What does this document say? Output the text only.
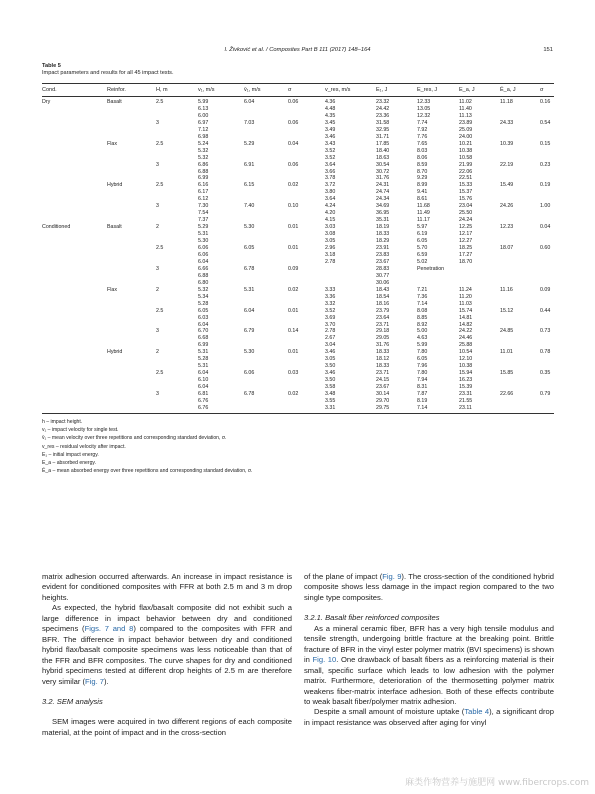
I. Živković et al. / Composites Part B 111 (2017) 148–164	151
Table 5
Impact parameters and results for all 45 impact tests.
Cond.	Reinfor.	H, m	v₁, m/s	v̄₁, m/s	σ	v_res, m/s	E₁, J	E_res, J	E_a, J	Ē_a, J	σ
Dry	Basalt	2.5	5.99	6.04	0.06	4.36	23.32	12.33	11.02	11.18	0.16
			6.13			4.48	24.42	13.05	11.40		
			6.00			4.35	23.36	12.32	11.13		
		3	6.97	7.03	0.06	3.45	31.58	7.74	23.89	24.33	0.54
			7.12			3.49	32.95	7.92	25.09		
			6.98			3.46	31.71	7.76	24.00		
	Flax	2.5	5.24	5.29	0.04	3.43	17.85	7.65	10.21	10.39	0.15
			5.32			3.52	18.40	8.03	10.38		
			5.32			3.52	18.63	8.06	10.58		
		3	6.86	6.91	0.06	3.64	30.54	8.59	21.99	22.19	0.23
			6.88			3.66	30.72	8.70	22.06		
			6.99			3.78	31.76	9.29	22.51		
	Hybrid	2.5	6.16	6.15	0.02	3.72	24.31	8.99	15.33	15.49	0.19
			6.17			3.80	24.74	9.41	15.37		
			6.12			3.64	24.34	8.61	15.76		
		3	7.30	7.40	0.10	4.24	34.69	11.68	23.04	24.26	1.00
			7.54			4.20	36.95	11.49	25.50		
			7.37			4.15	35.31	11.17	24.24		
Conditioned	Basalt	2	5.29	5.30	0.01	3.03	18.19	5.97	12.25	12.23	0.04
			5.31			3.08	18.33	6.19	12.17		
			5.30			3.05	18.29	6.05	12.27		
		2.5	6.06	6.05	0.01	2.96	23.91	5.70	18.25	18.07	0.60
			6.06			3.18	23.83	6.59	17.27		
			6.04			2.78	23.67	5.02	18.70		
		3	6.66	6.78	0.09		28.83	Penetration			
			6.88				30.77				
			6.80				30.06				
	Flax	2	5.32	5.31	0.02	3.33	18.43	7.21	11.24	11.16	0.09
			5.34			3.36	18.54	7.36	11.20		
			5.28			3.32	18.16	7.14	11.03		
		2.5	6.05	6.04	0.01	3.52	23.79	8.08	15.74	15.12	0.44
			6.03			3.69	23.64	8.85	14.81		
			6.04			3.70	23.71	8.92	14.82		
		3	6.70	6.79	0.14	2.78	29.18	5.00	24.22	24.85	0.73
			6.68			2.67	29.05	4.63	24.46		
			6.99			3.04	31.76	5.99	25.88		
	Hybrid	2	5.31	5.30	0.01	3.46	18.33	7.80	10.54	11.01	0.78
			5.28			3.05	18.12	6.05	12.10		
			5.31			3.50	18.33	7.96	10.38		
		2.5	6.04	6.06	0.03	3.46	23.71	7.80	15.94	15.85	0.35
			6.10			3.50	24.15	7.94	16.23		
			6.04			3.58	23.67	8.31	15.39		
		3	6.81	6.78	0.02	3.48	30.14	7.87	23.31	22.66	0.79
			6.76			3.55	29.70	8.19	21.55		
			6.76			3.31	29.75	7.14	23.11		
h – impact height.
v₁ – impact velocity for single test.
v̄₁ – mean velocity over three repetitions and corresponding standard deviation, σ.
v_res – residual velocity after impact.
E₁ – initial impact energy.
E_a – absorbed energy.
Ē_a – mean absorbed energy over three repetitions and corresponding standard deviation, σ.

matrix adhesion occurred afterwards. An increase in impact resistance is evident for conditioned composites with FFR at both 2.5 m and 3 m drop heights.

As expected, the hybrid flax/basalt composite did not exhibit such a large difference in impact behavior between dry and conditioned specimens (Figs. 7 and 8) compared to the composites with FFR and BFR. The difference in impact behavior between dry and conditioned hybrid flax/basalt composite specimens was less noticeable than that of the FFR and BFR composites. The curve shapes for dry and conditioned hybrid specimens tested at different drop heights of 2.5 m are therefore very similar (Fig. 7).

3.2. SEM analysis

SEM images were acquired in two different regions of each composite material, at the point of impact and in the cross-section

of the plane of impact (Fig. 9). The cross-section of the conditioned hybrid composite shows less damage in the impact region compared to the two single type composites.

3.2.1. Basalt fiber reinforced composites

As a mineral ceramic fiber, BFR has a very high tensile modulus and tensile strength, undergoing brittle fracture at the breaking point. Brittle fracture of BFR in the vinyl ester polymer matrix (BVI specimens) is shown in Fig. 10. One drawback of basalt fibers as a reinforcing material is their small, specific surface which leads to low adhesion with the polymer matrix. Furthermore, deterioration of the thermosetting polymer matrix weakens fiber-matrix interface adhesion. Both of these effects contribute to weak basalt fiber/polymer matrix adhesion.

Despite a small amount of moisture uptake (Table 4), a significant drop in impact resistance was observed after aging for vinyl

麻类作物营养与施肥网 www.fibercrops.com
